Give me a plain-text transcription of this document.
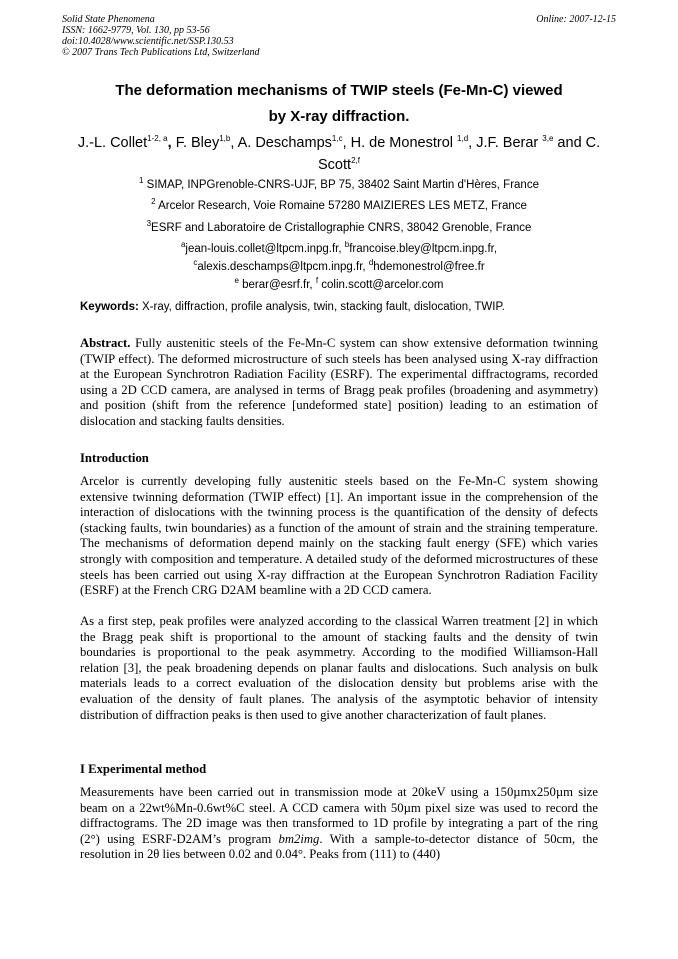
Solid State Phenomena
ISSN: 1662-9779, Vol. 130, pp 53-56
doi:10.4028/www.scientific.net/SSP.130.53
© 2007 Trans Tech Publications Ltd, Switzerland
Online: 2007-12-15
The deformation mechanisms of TWIP steels (Fe-Mn-C) viewed
by X-ray diffraction.
J.-L. Collet$^{1-2, a}$, F. Bley$^{1,b}$, A. Deschamps$^{1,c}$, H. de Monestrol $^{1,d}$, J.F. Berar $^{3,e}$ and C. Scott$^{2,f}$
$^1$ SIMAP, INPGrenoble-CNRS-UJF, BP 75, 38402 Saint Martin d'Hères, France
$^2$ Arcelor Research, Voie Romaine 57280 MAIZIERES LES METZ, France
$^3$ESRF and Laboratoire de Cristallographie CNRS, 38042 Grenoble, France
$^a$jean-louis.collet@ltpcm.inpg.fr, $^b$francoise.bley@ltpcm.inpg.fr,
$^c$alexis.deschamps@ltpcm.inpg.fr, $^d$hdemonestrol@free.fr
$^e$ berar@esrf.fr, $^f$ colin.scott@arcelor.com
Keywords: X-ray, diffraction, profile analysis, twin, stacking fault, dislocation, TWIP.
Abstract. Fully austenitic steels of the Fe-Mn-C system can show extensive deformation twinning (TWIP effect). The deformed microstructure of such steels has been analysed using X-ray diffraction at the European Synchrotron Radiation Facility (ESRF). The experimental diffractograms, recorded using a 2D CCD camera, are analysed in terms of Bragg peak profiles (broadening and asymmetry) and position (shift from the reference [undeformed state] position) leading to an estimation of dislocation and stacking faults densities.
Introduction
Arcelor is currently developing fully austenitic steels based on the Fe-Mn-C system showing extensive twinning deformation (TWIP effect) [1]. An important issue in the comprehension of the interaction of dislocations with the twinning process is the quantification of the density of defects (stacking faults, twin boundaries) as a function of the amount of strain and the straining temperature. The mechanisms of deformation depend mainly on the stacking fault energy (SFE) which varies strongly with composition and temperature. A detailed study of the deformed microstructures of these steels has been carried out using X-ray diffraction at the European Synchrotron Radiation Facility (ESRF) at the French CRG D2AM beamline with a 2D CCD camera.
As a first step, peak profiles were analyzed according to the classical Warren treatment [2] in which the Bragg peak shift is proportional to the amount of stacking faults and the density of twin boundaries is proportional to the peak asymmetry. According to the modified Williamson-Hall relation [3], the peak broadening depends on planar faults and dislocations. Such analysis on bulk materials leads to a correct evaluation of the dislocation density but problems arise with the evaluation of the density of fault planes. The analysis of the asymptotic behavior of intensity distribution of diffraction peaks is then used to give another characterization of fault planes.
I Experimental method
Measurements have been carried out in transmission mode at 20keV using a 150µmx250µm size beam on a 22wt%Mn-0.6wt%C steel. A CCD camera with 50µm pixel size was used to record the diffractograms. The 2D image was then transformed to 1D profile by integrating a part of the ring (2°) using ESRF-D2AM’s program bm2img. With a sample-to-detector distance of 50cm, the resolution in 2θ lies between 0.02 and 0.04°. Peaks from (111) to (440)
